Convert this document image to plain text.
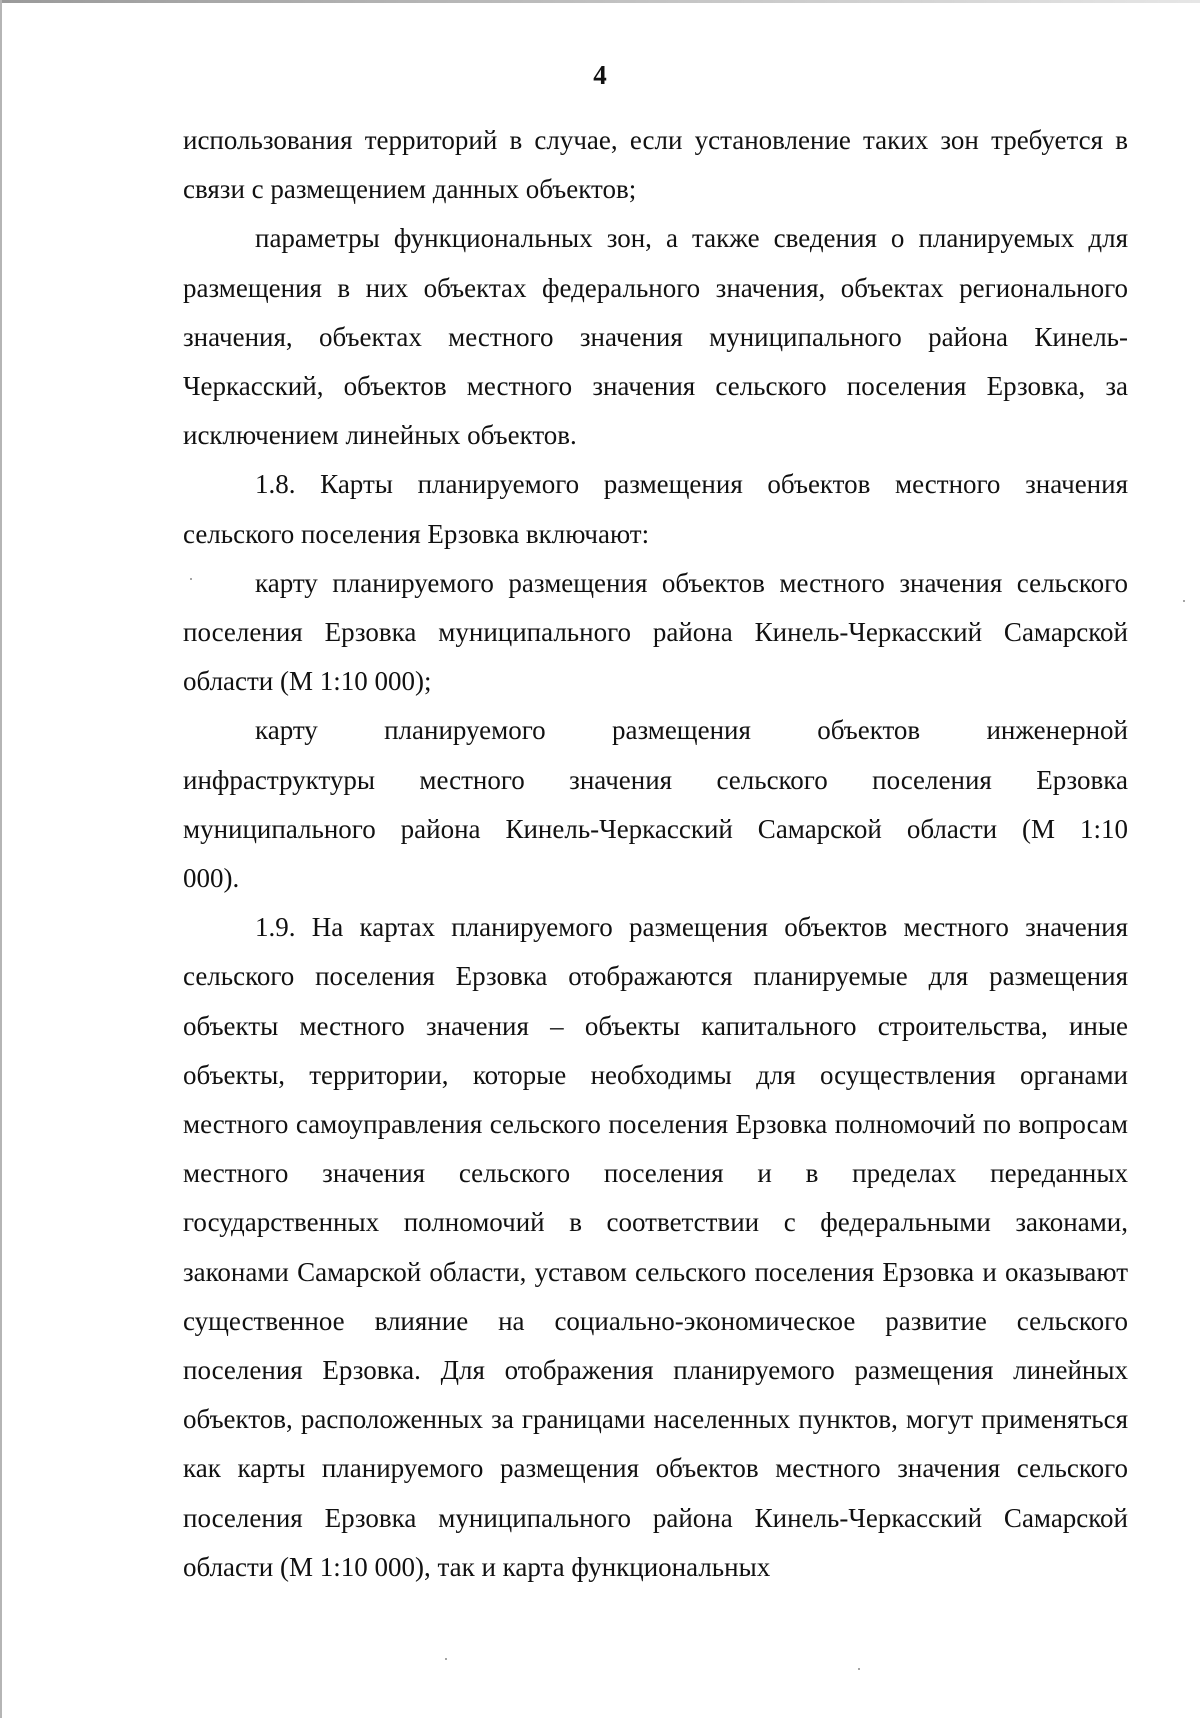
4

использования территорий в случае, если установление таких зон требуется в связи с размещением данных объектов;

параметры функциональных зон, а также сведения о планируемых для размещения в них объектах федерального значения, объектах регионального значения, объектах местного значения муниципального района Кинель-Черкасский, объектов местного значения сельского поселения Ерзовка, за исключением линейных объектов.

1.8. Карты планируемого размещения объектов местного значения сельского поселения Ерзовка включают:

карту планируемого размещения объектов местного значения сельского поселения Ерзовка муниципального района Кинель-Черкасский Самарской области (М 1:10 000);

карту планируемого размещения объектов инженерной инфраструктуры местного значения сельского поселения Ерзовка муниципального района Кинель-Черкасский Самарской области (М 1:10 000).

1.9. На картах планируемого размещения объектов местного значения сельского поселения Ерзовка отображаются планируемые для размещения объекты местного значения – объекты капитального строительства, иные объекты, территории, которые необходимы для осуществления органами местного самоуправления сельского поселения Ерзовка полномочий по вопросам местного значения сельского поселения и в пределах переданных государственных полномочий в соответствии с федеральными законами, законами Самарской области, уставом сельского поселения Ерзовка и оказывают существенное влияние на социально-экономическое развитие сельского поселения Ерзовка. Для отображения планируемого размещения линейных объектов, расположенных за границами населенных пунктов, могут применяться как карты планируемого размещения объектов местного значения сельского поселения Ерзовка муниципального района Кинель-Черкасский Самарской области (М 1:10 000), так и карта функциональных
